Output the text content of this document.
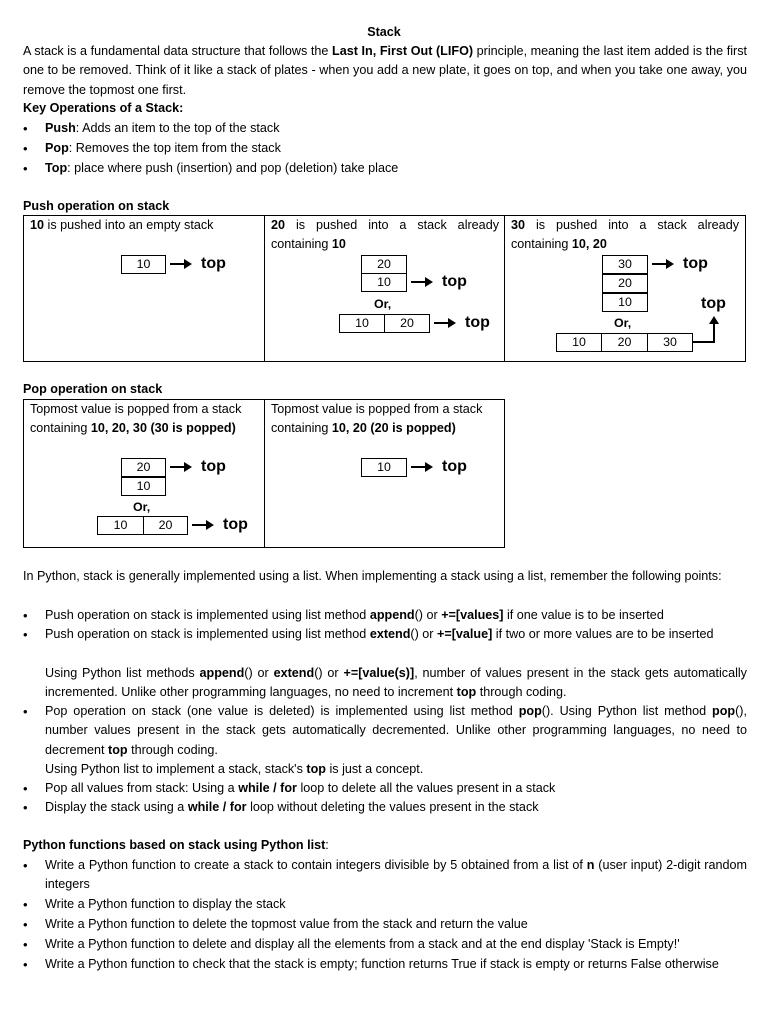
Stack
A stack is a fundamental data structure that follows the Last In, First Out (LIFO) principle, meaning the last item added is the first one to be removed. Think of it like a stack of plates - when you add a new plate, it goes on top, and when you take one away, you remove the topmost one first.
Key Operations of a Stack:
• Push: Adds an item to the top of the stack
• Pop: Removes the top item from the stack
• Top: place where push (insertion) and pop (deletion) take place
Push operation on stack
10 is pushed into an empty stack
10	top
20 is pushed into a stack already containing 10
20
10	top
Or,
10	20	top
30 is pushed into a stack already containing 10, 20
30
20
10
top
Or,
10	20	30
top
Pop operation on stack
Topmost value is popped from a stack containing 10, 20, 30 (30 is popped)
20
10
top
Or,
10	20	top
Topmost value is popped from a stack containing 10, 20 (20 is popped)
10	top
In Python, stack is generally implemented using a list. When implementing a stack using a list, remember the following points:
• Push operation on stack is implemented using list method append() or +=[values] if one value is to be inserted
• Push operation on stack is implemented using list method extend() or +=[value] if two or more values are to be inserted
Using Python list methods append() or extend() or +=[value(s)], number of values present in the stack gets automatically incremented. Unlike other programming languages, no need to increment top through coding.
• Pop operation on stack (one value is deleted) is implemented using list method pop(). Using Python list method pop(), number values present in the stack gets automatically decremented. Unlike other programming languages, no need to decrement top through coding.
Using Python list to implement a stack, stack's top is just a concept.
• Pop all values from stack: Using a while / for loop to delete all the values present in a stack
• Display the stack using a while / for loop without deleting the values present in the stack
Python functions based on stack using Python list:
• Write a Python function to create a stack to contain integers divisible by 5 obtained from a list of n (user input) 2-digit random integers
• Write a Python function to display the stack
• Write a Python function to delete the topmost value from the stack and return the value
• Write a Python function to delete and display all the elements from a stack and at the end display 'Stack is Empty!'
• Write a Python function to check that the stack is empty; function returns True if stack is empty or returns False otherwise
